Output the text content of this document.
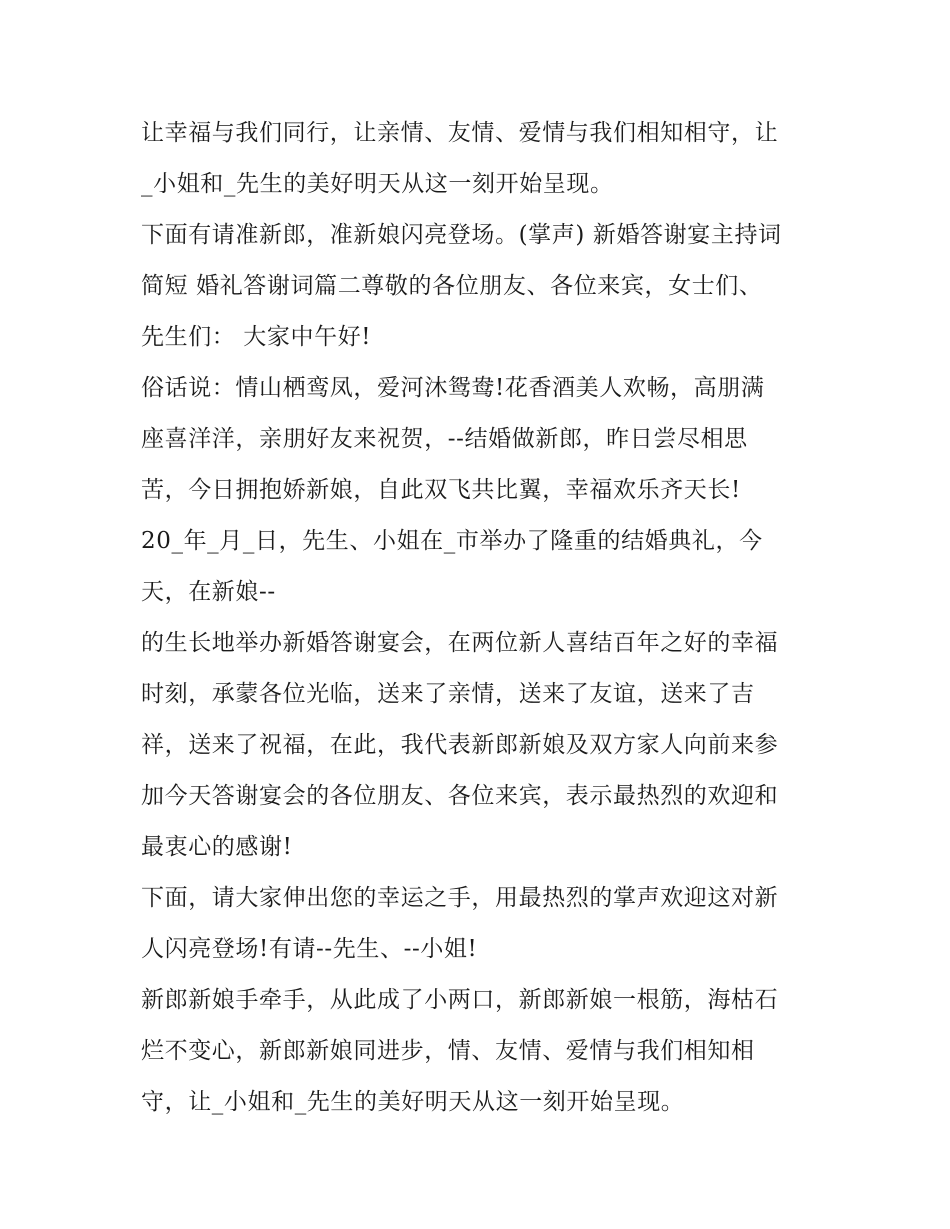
让幸福与我们同行，让亲情、友情、爱情与我们相知相守，让
_小姐和_先生的美好明天从这一刻开始呈现。
下面有请准新郎，准新娘闪亮登场。(掌声) 新婚答谢宴主持词
简短 婚礼答谢词篇二尊敬的各位朋友、各位来宾，女士们、
先生们： 大家中午好!
俗话说：情山栖鸾凤，爱河沐鸳鸯!花香酒美人欢畅，高朋满
座喜洋洋，亲朋好友来祝贺，--结婚做新郎，昨日尝尽相思
苦，今日拥抱娇新娘，自此双飞共比翼，幸福欢乐齐天长!
20_年_月_日，先生、小姐在_市举办了隆重的结婚典礼，今
天，在新娘--
的生长地举办新婚答谢宴会，在两位新人喜结百年之好的幸福
时刻，承蒙各位光临，送来了亲情，送来了友谊，送来了吉
祥，送来了祝福，在此，我代表新郎新娘及双方家人向前来参
加今天答谢宴会的各位朋友、各位来宾，表示最热烈的欢迎和
最衷心的感谢!
下面，请大家伸出您的幸运之手，用最热烈的掌声欢迎这对新
人闪亮登场!有请--先生、--小姐!
新郎新娘手牵手，从此成了小两口，新郎新娘一根筋，海枯石
烂不变心，新郎新娘同进步，情、友情、爱情与我们相知相
守，让_小姐和_先生的美好明天从这一刻开始呈现。
